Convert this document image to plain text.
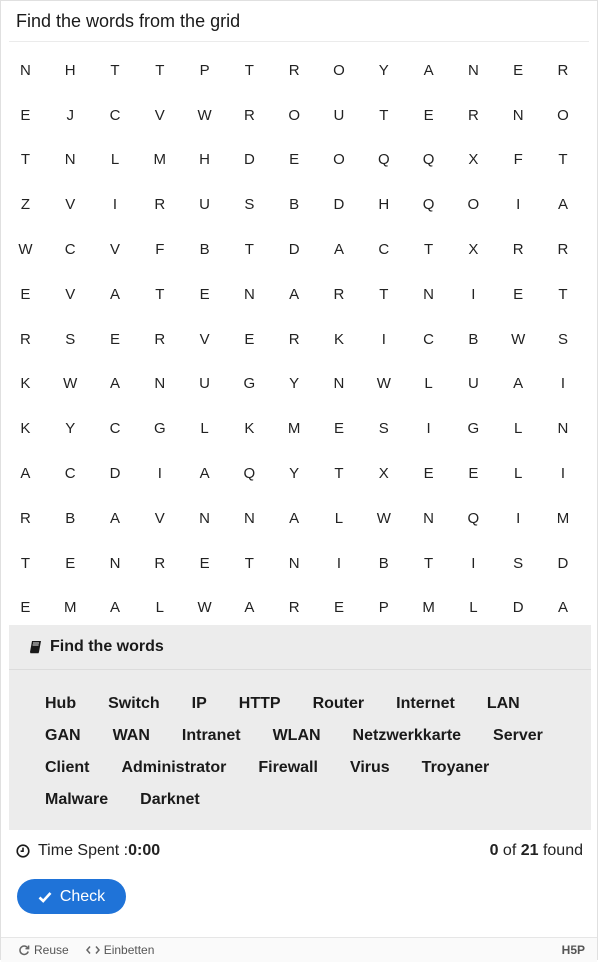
Find the words from the grid
N	H	T	T	P	T	R	O	Y	A	N	E	R
E	J	C	V	W	R	O	U	T	E	R	N	O
T	N	L	M	H	D	E	O	Q	Q	X	F	T
Z	V	I	R	U	S	B	D	H	Q	O	I	A
W	C	V	F	B	T	D	A	C	T	X	R	R
E	V	A	T	E	N	A	R	T	N	I	E	T
R	S	E	R	V	E	R	K	I	C	B	W	S
K	W	A	N	U	G	Y	N	W	L	U	A	I
K	Y	C	G	L	K	M	E	S	I	G	L	N
A	C	D	I	A	Q	Y	T	X	E	E	L	I
R	B	A	V	N	N	A	L	W	N	Q	I	M
T	E	N	R	E	T	N	I	B	T	I	S	D
E	M	A	L	W	A	R	E	P	M	L	D	A
Find the words
Hub Switch IP HTTP Router Internet LAN
GAN WAN Intranet WLAN Netzwerkkarte Server
Client Administrator Firewall Virus Troyaner
Malware Darknet
Time Spent : 0:00	0 of 21 found
Check
Reuse	Einbetten	H5P
